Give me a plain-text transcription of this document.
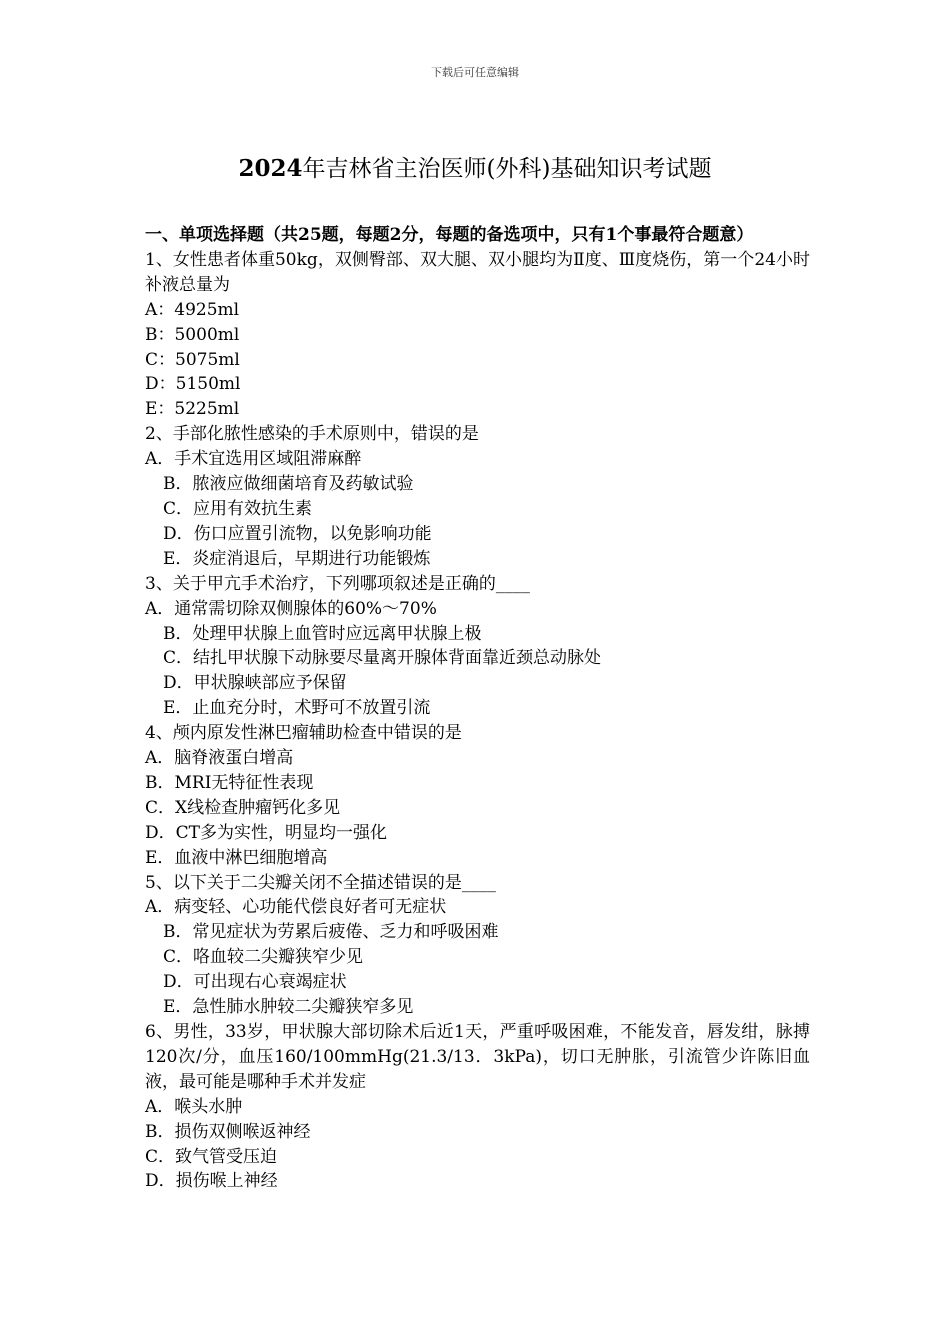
下载后可任意编辑
2024年吉林省主治医师(外科)基础知识考试题

一、单项选择题（共25题，每题2分，每题的备选项中，只有1个事最符合题意）

1、女性患者体重50kg，双侧臀部、双大腿、双小腿均为Ⅱ度、Ⅲ度烧伤，第一个24小时补液总量为

A：4925ml

B：5000ml

C：5075ml

D：5150ml

E：5225ml

2、手部化脓性感染的手术原则中，错误的是

A．手术宜选用区域阻滞麻醉

B．脓液应做细菌培育及药敏试验

C．应用有效抗生素

D．伤口应置引流物，以免影响功能

E．炎症消退后，早期进行功能锻炼

3、关于甲亢手术治疗，下列哪项叙述是正确的____

A．通常需切除双侧腺体的60%～70%

B．处理甲状腺上血管时应远离甲状腺上极

C．结扎甲状腺下动脉要尽量离开腺体背面靠近颈总动脉处

D．甲状腺峡部应予保留

E．止血充分时，术野可不放置引流

4、颅内原发性淋巴瘤辅助检查中错误的是

A．脑脊液蛋白增高

B．MRI无特征性表现

C．X线检查肿瘤钙化多见

D．CT多为实性，明显均一强化

E．血液中淋巴细胞增高

5、以下关于二尖瓣关闭不全描述错误的是____

A．病变轻、心功能代偿良好者可无症状

B．常见症状为劳累后疲倦、乏力和呼吸困难

C．咯血较二尖瓣狭窄少见

D．可出现右心衰竭症状

E．急性肺水肿较二尖瓣狭窄多见

6、男性，33岁，甲状腺大部切除术后近1天，严重呼吸困难，不能发音，唇发绀，脉搏120次/分，血压160/100mmHg(21.3/13．3kPa)，切口无肿胀，引流管少许陈旧血液，最可能是哪种手术并发症

A．喉头水肿

B．损伤双侧喉返神经

C．致气管受压迫

D．损伤喉上神经
